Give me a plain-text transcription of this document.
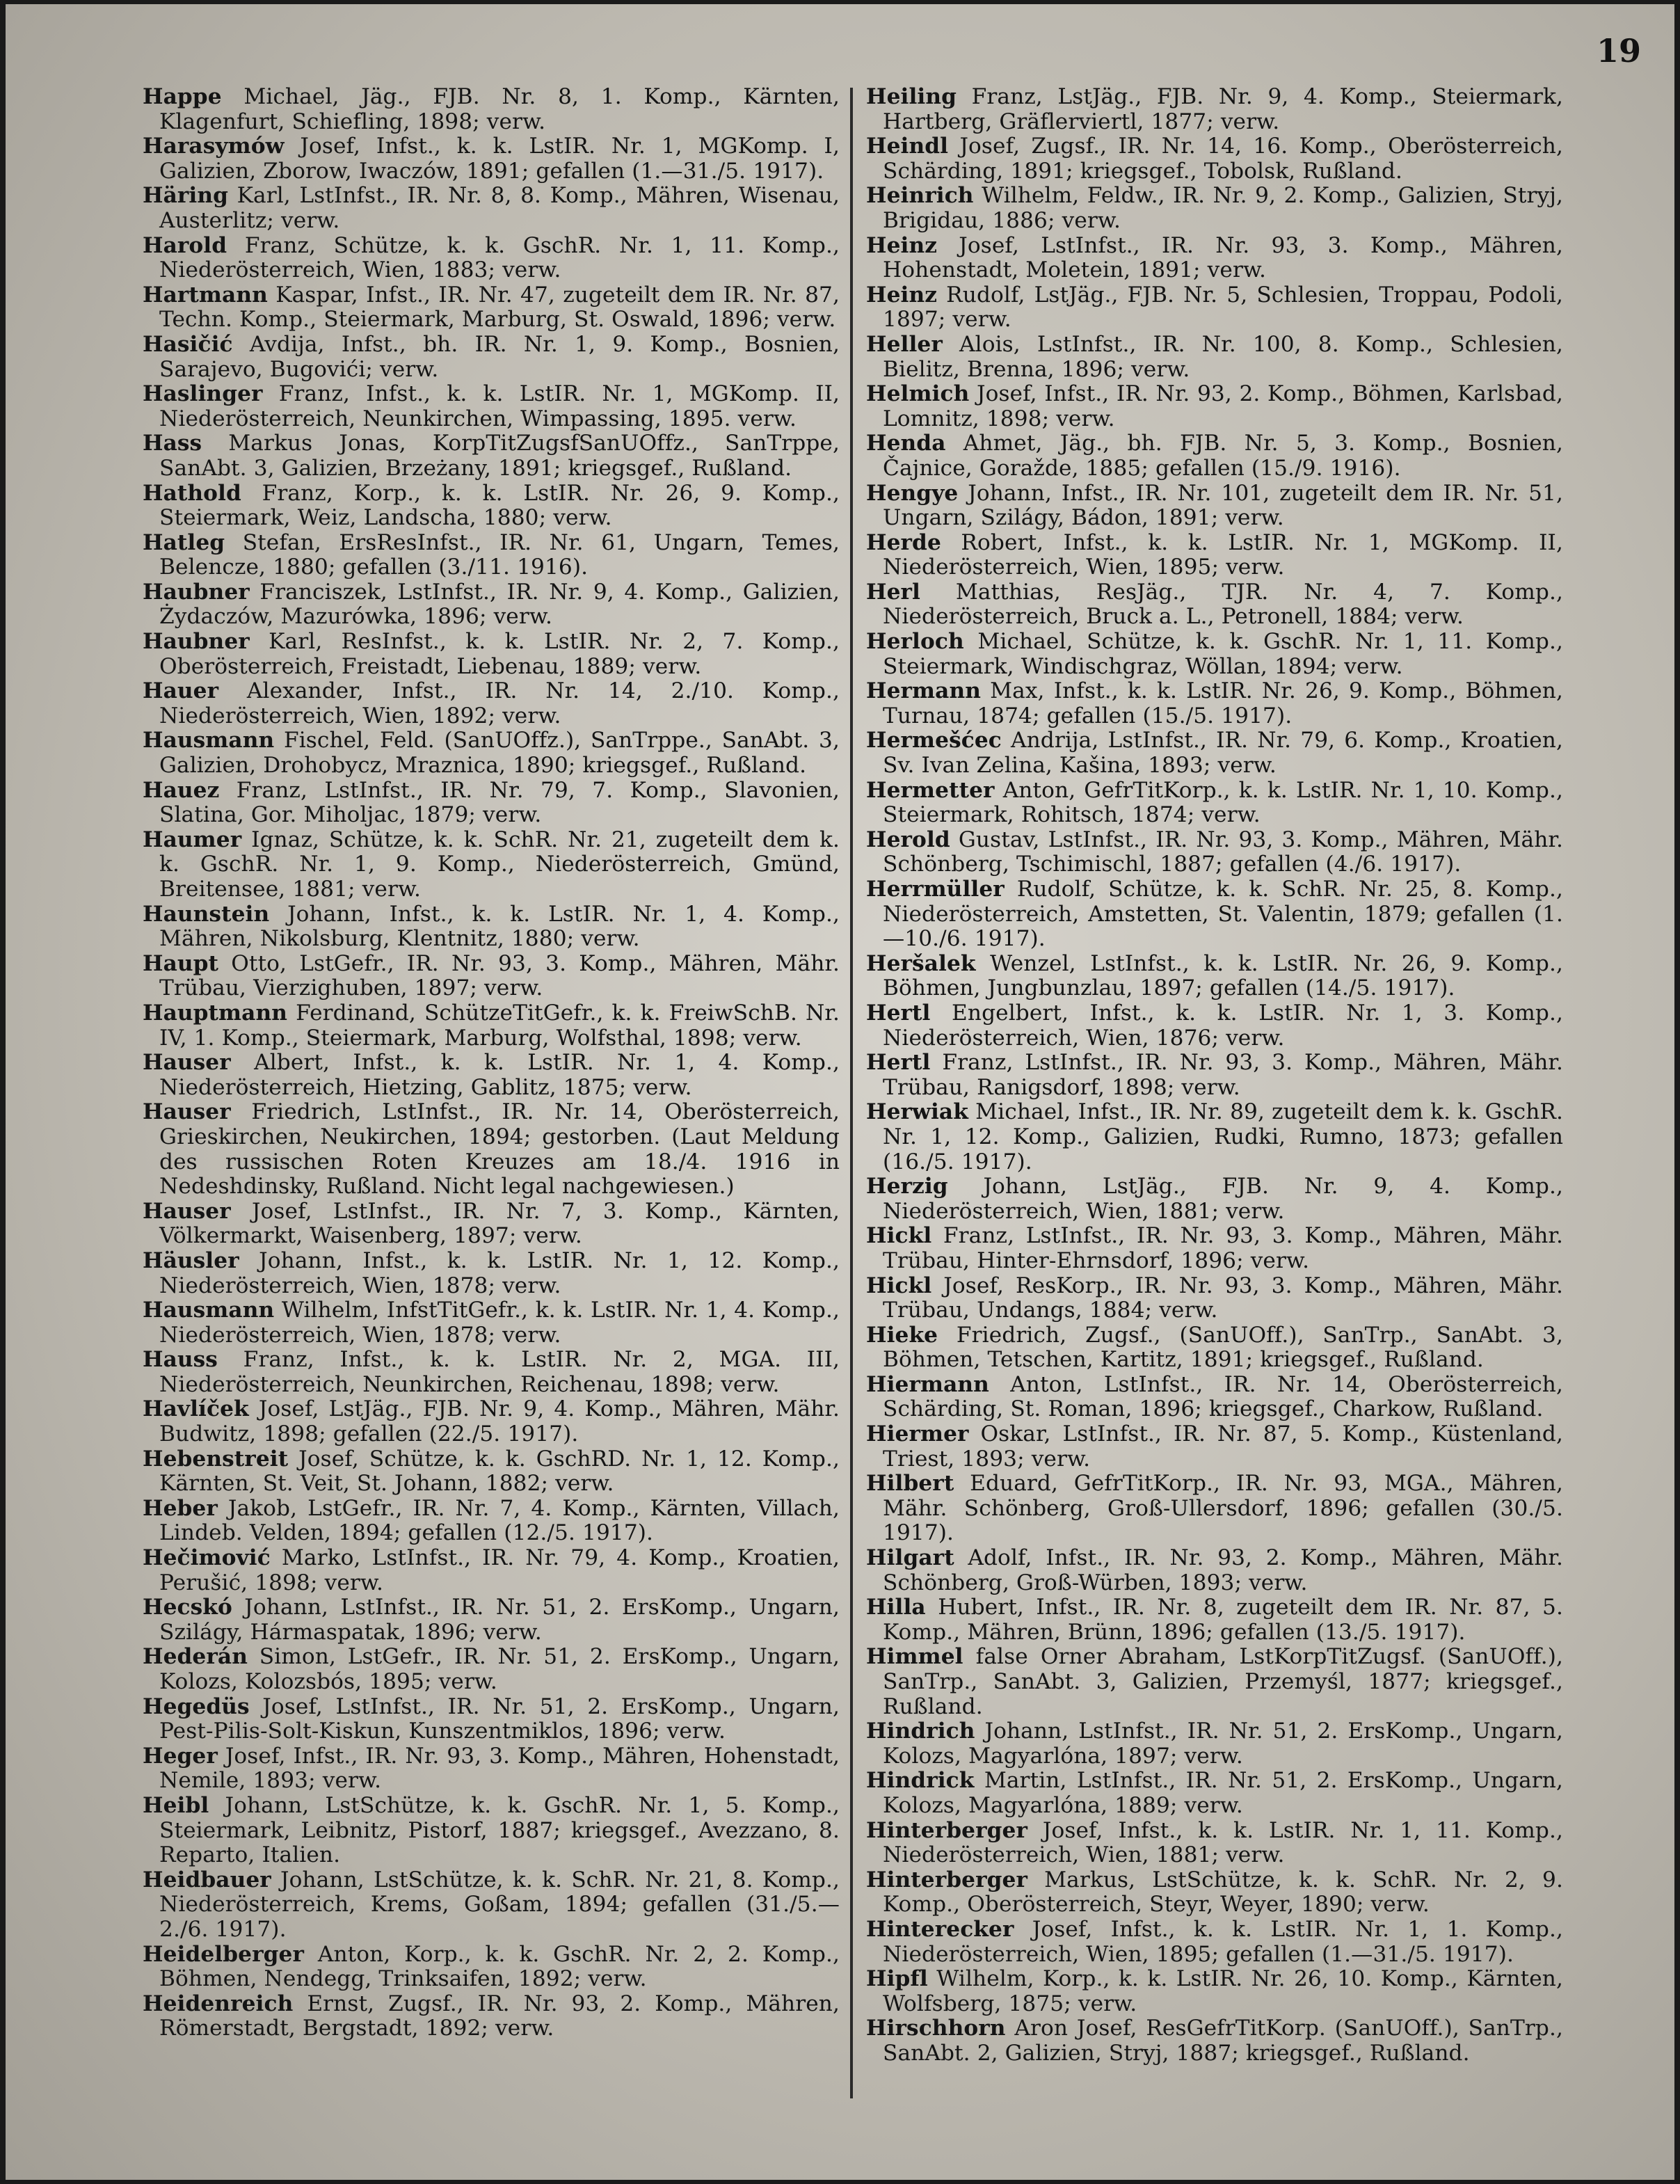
19
Happe Michael, Jäg., FJB. Nr. 8, 1. Komp., Kärnten, Klagenfurt, Schiefling, 1898; verw.
Harasymów Josef, Infst., k. k. LstIR. Nr. 1, MGKomp. I, Galizien, Zborow, Iwaczów, 1891; gefallen (1.—31./5. 1917).
Häring Karl, LstInfst., IR. Nr. 8, 8. Komp., Mähren, Wisenau, Austerlitz; verw.
Harold Franz, Schütze, k. k. GschR. Nr. 1, 11. Komp., Niederösterreich, Wien, 1883; verw.
Hartmann Kaspar, Infst., IR. Nr. 47, zugeteilt dem IR. Nr. 87, Techn. Komp., Steiermark, Marburg, St. Oswald, 1896; verw.
Hasičić Avdija, Infst., bh. IR. Nr. 1, 9. Komp., Bosnien, Sarajevo, Bugovići; verw.
Haslinger Franz, Infst., k. k. LstIR. Nr. 1, MGKomp. II, Niederösterreich, Neunkirchen, Wimpassing, 1895. verw.
Hass Markus Jonas, KorpTitZugsfSanUOffz., SanTrppe, SanAbt. 3, Galizien, Brzeżany, 1891; kriegsgef., Rußland.
Hathold Franz, Korp., k. k. LstIR. Nr. 26, 9. Komp., Steiermark, Weiz, Landscha, 1880; verw.
Hatleg Stefan, ErsResInfst., IR. Nr. 61, Ungarn, Temes, Belencze, 1880; gefallen (3./11. 1916).
Haubner Franciszek, LstInfst., IR. Nr. 9, 4. Komp., Galizien, Żydaczów, Mazurówka, 1896; verw.
Haubner Karl, ResInfst., k. k. LstIR. Nr. 2, 7. Komp., Oberösterreich, Freistadt, Liebenau, 1889; verw.
Hauer Alexander, Infst., IR. Nr. 14, 2./10. Komp., Niederösterreich, Wien, 1892; verw.
Hausmann Fischel, Feld. (SanUOffz.), SanTrppe., SanAbt. 3, Galizien, Drohobycz, Mraznica, 1890; kriegsgef., Rußland.
Hauez Franz, LstInfst., IR. Nr. 79, 7. Komp., Slavonien, Slatina, Gor. Miholjac, 1879; verw.
Haumer Ignaz, Schütze, k. k. SchR. Nr. 21, zugeteilt dem k. k. GschR. Nr. 1, 9. Komp., Niederösterreich, Gmünd, Breitensee, 1881; verw.
Haunstein Johann, Infst., k. k. LstIR. Nr. 1, 4. Komp., Mähren, Nikolsburg, Klentnitz, 1880; verw.
Haupt Otto, LstGefr., IR. Nr. 93, 3. Komp., Mähren, Mähr. Trübau, Vierzighuben, 1897; verw.
Hauptmann Ferdinand, SchützeTitGefr., k. k. FreiwSchB. Nr. IV, 1. Komp., Steiermark, Marburg, Wolfsthal, 1898; verw.
Hauser Albert, Infst., k. k. LstIR. Nr. 1, 4. Komp., Niederösterreich, Hietzing, Gablitz, 1875; verw.
Hauser Friedrich, LstInfst., IR. Nr. 14, Oberösterreich, Grieskirchen, Neukirchen, 1894; gestorben. (Laut Meldung des russischen Roten Kreuzes am 18./4. 1916 in Nedeshdinsky, Rußland. Nicht legal nachgewiesen.)
Hauser Josef, LstInfst., IR. Nr. 7, 3. Komp., Kärnten, Völkermarkt, Waisenberg, 1897; verw.
Häusler Johann, Infst., k. k. LstIR. Nr. 1, 12. Komp., Niederösterreich, Wien, 1878; verw.
Hausmann Wilhelm, InfstTitGefr., k. k. LstIR. Nr. 1, 4. Komp., Niederösterreich, Wien, 1878; verw.
Hauss Franz, Infst., k. k. LstIR. Nr. 2, MGA. III, Niederösterreich, Neunkirchen, Reichenau, 1898; verw.
Havlíček Josef, LstJäg., FJB. Nr. 9, 4. Komp., Mähren, Mähr. Budwitz, 1898; gefallen (22./5. 1917).
Hebenstreit Josef, Schütze, k. k. GschRD. Nr. 1, 12. Komp., Kärnten, St. Veit, St. Johann, 1882; verw.
Heber Jakob, LstGefr., IR. Nr. 7, 4. Komp., Kärnten, Villach, Lindeb. Velden, 1894; gefallen (12./5. 1917).
Hečimović Marko, LstInfst., IR. Nr. 79, 4. Komp., Kroatien, Perušić, 1898; verw.
Hecskó Johann, LstInfst., IR. Nr. 51, 2. ErsKomp., Ungarn, Szilágy, Hármaspatak, 1896; verw.
Hederán Simon, LstGefr., IR. Nr. 51, 2. ErsKomp., Ungarn, Kolozs, Kolozsbós, 1895; verw.
Hegedüs Josef, LstInfst., IR. Nr. 51, 2. ErsKomp., Ungarn, Pest-Pilis-Solt-Kiskun, Kunszentmiklos, 1896; verw.
Heger Josef, Infst., IR. Nr. 93, 3. Komp., Mähren, Hohenstadt, Nemile, 1893; verw.
Heibl Johann, LstSchütze, k. k. GschR. Nr. 1, 5. Komp., Steiermark, Leibnitz, Pistorf, 1887; kriegsgef., Avezzano, 8. Reparto, Italien.
Heidbauer Johann, LstSchütze, k. k. SchR. Nr. 21, 8. Komp., Niederösterreich, Krems, Goßam, 1894; gefallen (31./5.—2./6. 1917).
Heidelberger Anton, Korp., k. k. GschR. Nr. 2, 2. Komp., Böhmen, Nendegg, Trinksaifen, 1892; verw.
Heidenreich Ernst, Zugsf., IR. Nr. 93, 2. Komp., Mähren, Römerstadt, Bergstadt, 1892; verw.
Heiling Franz, LstJäg., FJB. Nr. 9, 4. Komp., Steiermark, Hartberg, Gräflerviertl, 1877; verw.
Heindl Josef, Zugsf., IR. Nr. 14, 16. Komp., Oberösterreich, Schärding, 1891; kriegsgef., Tobolsk, Rußland.
Heinrich Wilhelm, Feldw., IR. Nr. 9, 2. Komp., Galizien, Stryj, Brigidau, 1886; verw.
Heinz Josef, LstInfst., IR. Nr. 93, 3. Komp., Mähren, Hohenstadt, Moletein, 1891; verw.
Heinz Rudolf, LstJäg., FJB. Nr. 5, Schlesien, Troppau, Podoli, 1897; verw.
Heller Alois, LstInfst., IR. Nr. 100, 8. Komp., Schlesien, Bielitz, Brenna, 1896; verw.
Helmich Josef, Infst., IR. Nr. 93, 2. Komp., Böhmen, Karlsbad, Lomnitz, 1898; verw.
Henda Ahmet, Jäg., bh. FJB. Nr. 5, 3. Komp., Bosnien, Čajnice, Goražde, 1885; gefallen (15./9. 1916).
Hengye Johann, Infst., IR. Nr. 101, zugeteilt dem IR. Nr. 51, Ungarn, Szilágy, Bádon, 1891; verw.
Herde Robert, Infst., k. k. LstIR. Nr. 1, MGKomp. II, Niederösterreich, Wien, 1895; verw.
Herl Matthias, ResJäg., TJR. Nr. 4, 7. Komp., Niederösterreich, Bruck a. L., Petronell, 1884; verw.
Herloch Michael, Schütze, k. k. GschR. Nr. 1, 11. Komp., Steiermark, Windischgraz, Wöllan, 1894; verw.
Hermann Max, Infst., k. k. LstIR. Nr. 26, 9. Komp., Böhmen, Turnau, 1874; gefallen (15./5. 1917).
Hermešćec Andrija, LstInfst., IR. Nr. 79, 6. Komp., Kroatien, Sv. Ivan Zelina, Kašina, 1893; verw.
Hermetter Anton, GefrTitKorp., k. k. LstIR. Nr. 1, 10. Komp., Steiermark, Rohitsch, 1874; verw.
Herold Gustav, LstInfst., IR. Nr. 93, 3. Komp., Mähren, Mähr. Schönberg, Tschimischl, 1887; gefallen (4./6. 1917).
Herrmüller Rudolf, Schütze, k. k. SchR. Nr. 25, 8. Komp., Niederösterreich, Amstetten, St. Valentin, 1879; gefallen (1.—10./6. 1917).
Heršalek Wenzel, LstInfst., k. k. LstIR. Nr. 26, 9. Komp., Böhmen, Jungbunzlau, 1897; gefallen (14./5. 1917).
Hertl Engelbert, Infst., k. k. LstIR. Nr. 1, 3. Komp., Niederösterreich, Wien, 1876; verw.
Hertl Franz, LstInfst., IR. Nr. 93, 3. Komp., Mähren, Mähr. Trübau, Ranigsdorf, 1898; verw.
Herwiak Michael, Infst., IR. Nr. 89, zugeteilt dem k. k. GschR. Nr. 1, 12. Komp., Galizien, Rudki, Rumno, 1873; gefallen (16./5. 1917).
Herzig Johann, LstJäg., FJB. Nr. 9, 4. Komp., Niederösterreich, Wien, 1881; verw.
Hickl Franz, LstInfst., IR. Nr. 93, 3. Komp., Mähren, Mähr. Trübau, Hinter-Ehrnsdorf, 1896; verw.
Hickl Josef, ResKorp., IR. Nr. 93, 3. Komp., Mähren, Mähr. Trübau, Undangs, 1884; verw.
Hieke Friedrich, Zugsf., (SanUOff.), SanTrp., SanAbt. 3, Böhmen, Tetschen, Kartitz, 1891; kriegsgef., Rußland.
Hiermann Anton, LstInfst., IR. Nr. 14, Oberösterreich, Schärding, St. Roman, 1896; kriegsgef., Charkow, Rußland.
Hiermer Oskar, LstInfst., IR. Nr. 87, 5. Komp., Küstenland, Triest, 1893; verw.
Hilbert Eduard, GefrTitKorp., IR. Nr. 93, MGA., Mähren, Mähr. Schönberg, Groß-Ullersdorf, 1896; gefallen (30./5. 1917).
Hilgart Adolf, Infst., IR. Nr. 93, 2. Komp., Mähren, Mähr. Schönberg, Groß-Würben, 1893; verw.
Hilla Hubert, Infst., IR. Nr. 8, zugeteilt dem IR. Nr. 87, 5. Komp., Mähren, Brünn, 1896; gefallen (13./5. 1917).
Himmel false Orner Abraham, LstKorpTitZugsf. (SanUOff.), SanTrp., SanAbt. 3, Galizien, Przemyśl, 1877; kriegsgef., Rußland.
Hindrich Johann, LstInfst., IR. Nr. 51, 2. ErsKomp., Ungarn, Kolozs, Magyarlóna, 1897; verw.
Hindrick Martin, LstInfst., IR. Nr. 51, 2. ErsKomp., Ungarn, Kolozs, Magyarlóna, 1889; verw.
Hinterberger Josef, Infst., k. k. LstIR. Nr. 1, 11. Komp., Niederösterreich, Wien, 1881; verw.
Hinterberger Markus, LstSchütze, k. k. SchR. Nr. 2, 9. Komp., Oberösterreich, Steyr, Weyer, 1890; verw.
Hinterecker Josef, Infst., k. k. LstIR. Nr. 1, 1. Komp., Niederösterreich, Wien, 1895; gefallen (1.—31./5. 1917).
Hipfl Wilhelm, Korp., k. k. LstIR. Nr. 26, 10. Komp., Kärnten, Wolfsberg, 1875; verw.
Hirschhorn Aron Josef, ResGefrTitKorp. (SanUOff.), SanTrp., SanAbt. 2, Galizien, Stryj, 1887; kriegsgef., Rußland.
